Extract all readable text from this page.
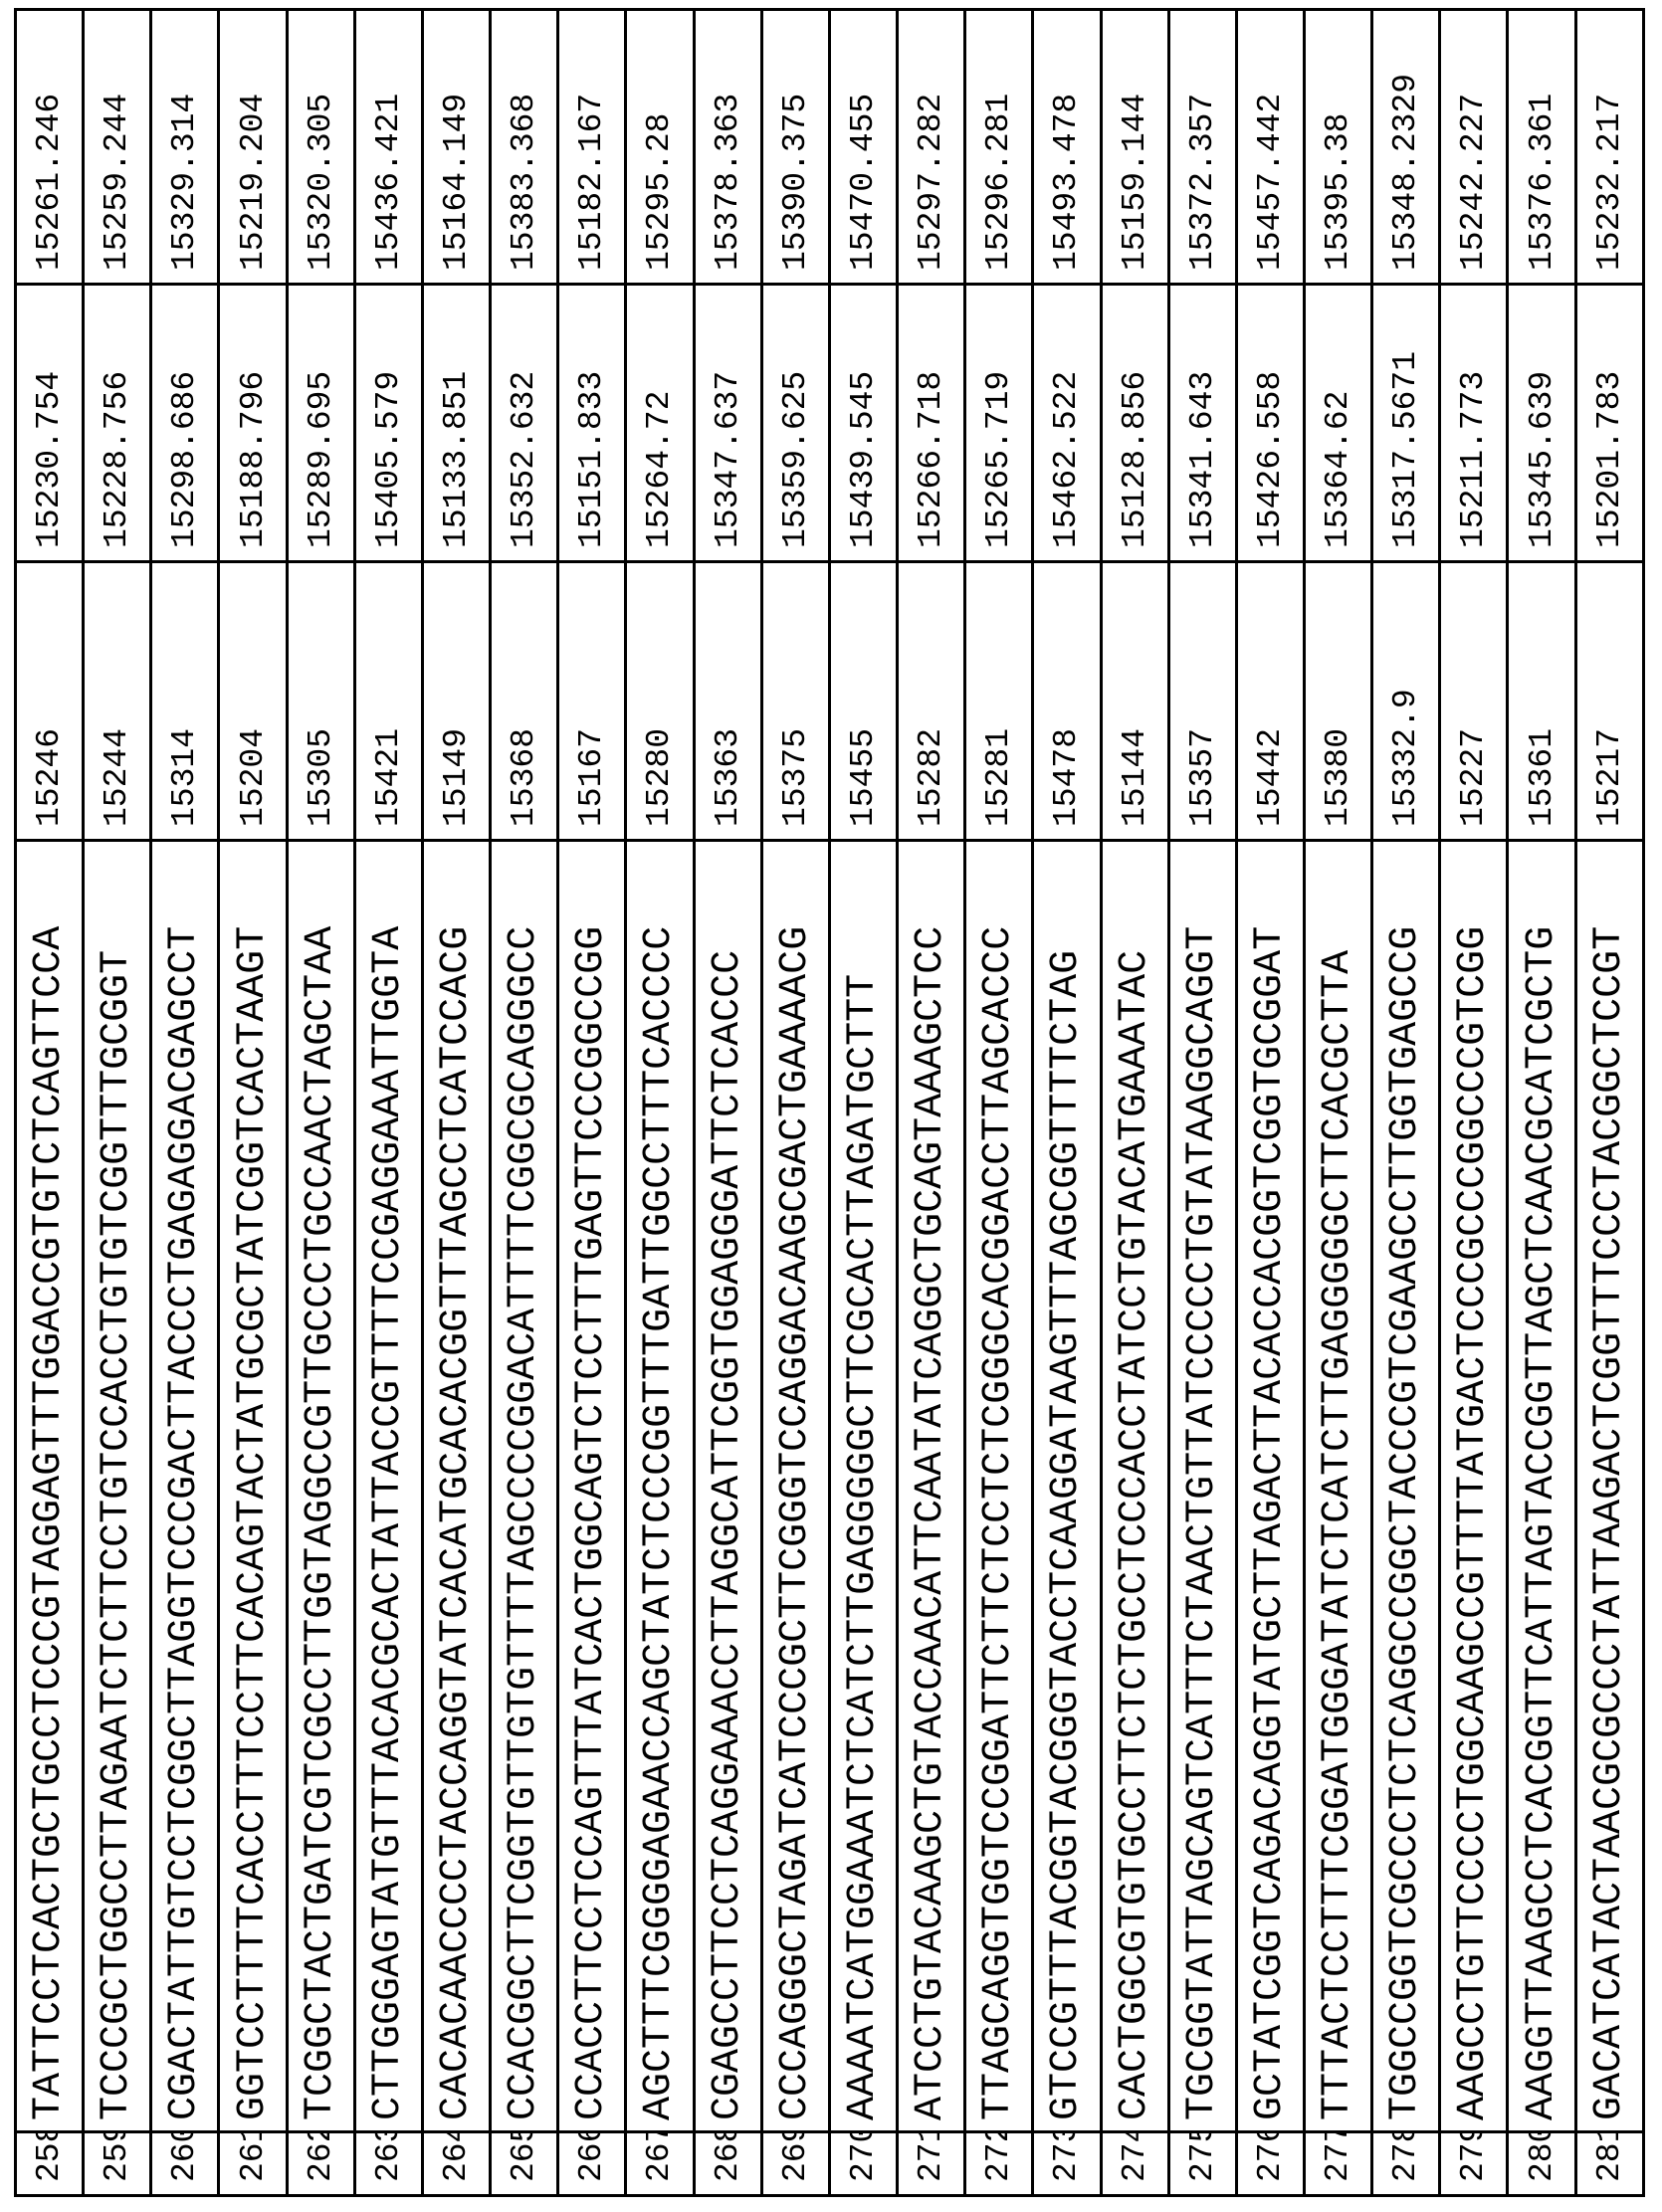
258	TATTCCTCACTGCTGCCTCCCGTAGGAGTTTGGACCGTGTCTCAGTTCCA	15246	15230.754	15261.246
259	TCCCGCTGGCCTTAGAATCTCTTCCTGTCCACCTGTGTCGGTTTGCGGT	15244	15228.756	15259.244
260	CGACTATTGTCCTCGGCTTAGGTCCCGACTTACCCTGAGAGGACGAGCCT	15314	15298.686	15329.314
261	GGTCCTTTTCACCTTTCCTTCACAGTACTATGCGCTATCGGTCACTAAGT	15204	15188.796	15219.204
262	TCGGCTACTGATCGTCGCCTTGGTAGGCCGTTGCCCTGCCAACTAGCTAA	15305	15289.695	15320.305
263	CTTGGGAGTATGTTTACACGCACTATTACCGTTTTCCGAGGAAATTGGTA	15421	15405.579	15436.421
264	CACACAACCCCTACCAGGTATCACATGCACACGGTTTAGCCTCATCCACG	15149	15133.851	15164.149
265	CCACGGCTTCGGTGTTGTGTTTTAGCCCCGGACATTTTCGGCGCAGGGCC	15368	15352.632	15383.368
266	CCACCTTCCTCCAGTTTATCACTGGCAGTCTCCTTTGAGTTCCCGGCCGG	15167	15151.833	15182.167
267	AGCTTTCGGGGAGAACCAGCTATCTCCCGGTTTGATTGGCCTTTCACCCC	15280	15264.72	15295.28
268	CGAGCCTTCCTCAGGAAACCTTAGGCATTCGGTGGAGGGATTCTCACCC	15363	15347.637	15378.363
269	CCCAGGGCTAGATCATCCCGCTTCGGGTCCAGGACAAGCGACTGAAAACG	15375	15359.625	15390.375
270	AAAATCATGGAAATCTCATCTTGAGGGGGCTTCGCACTTAGATGCTTT	15455	15439.545	15470.455
271	ATCCTGTACAAGCTGTACCAACATTCAATATCAGGCTGCAGTAAAGCTCC	15282	15266.718	15297.282
272	TTAGCAGGTGGTCCGGATTCTTCTCCTCTCGGGCACGGACCTTAGCACCC	15281	15265.719	15296.281
273	GTCCGTTTACGGTACGGGTACCTCAAGGATAAGTTTAGCGGTTTTCTAG	15478	15462.522	15493.478
274	CACTGGCGTGTGCCTTCTCTGCCTCCCACCTATCCTGTACATGAAATAC	15144	15128.856	15159.144
275	TGCGGTATTAGCAGTCATTTCTAACTGTTATCCCCCTGTATAAGGCAGGT	15357	15341.643	15372.357
276	GCTATCGGTCAGACAGGTATGCTTAGACTTACACCACGGTCGGTGCGGAT	15442	15426.558	15457.442
277	TTTACTCCTTTCGGATGGGATATCTCATCTTGAGGGGGCTTCACGCTTA	15380	15364.62	15395.38
278	TGGCCGGTCGCCCTCTCAGGCCGGCTACCCGTCGAAGCCTTGGTGAGCCG	15332.9	15317.5671	15348.2329
279	AAGCCTGTTCCCCTGGCAAGCCGTTTTATGACTCCCGCCCGGCCCGTCGG	15227	15211.773	15242.227
280	AAGGTTAAGCCTCACGGTTCATTAGTACCGGTTAGCTCAACGCATCGCTG	15361	15345.639	15376.361
281	GACATCATACTAACGCGCCCTATTAAGACTCGGTTTCCCTACGGCTCCGT	15217	15201.783	15232.217
